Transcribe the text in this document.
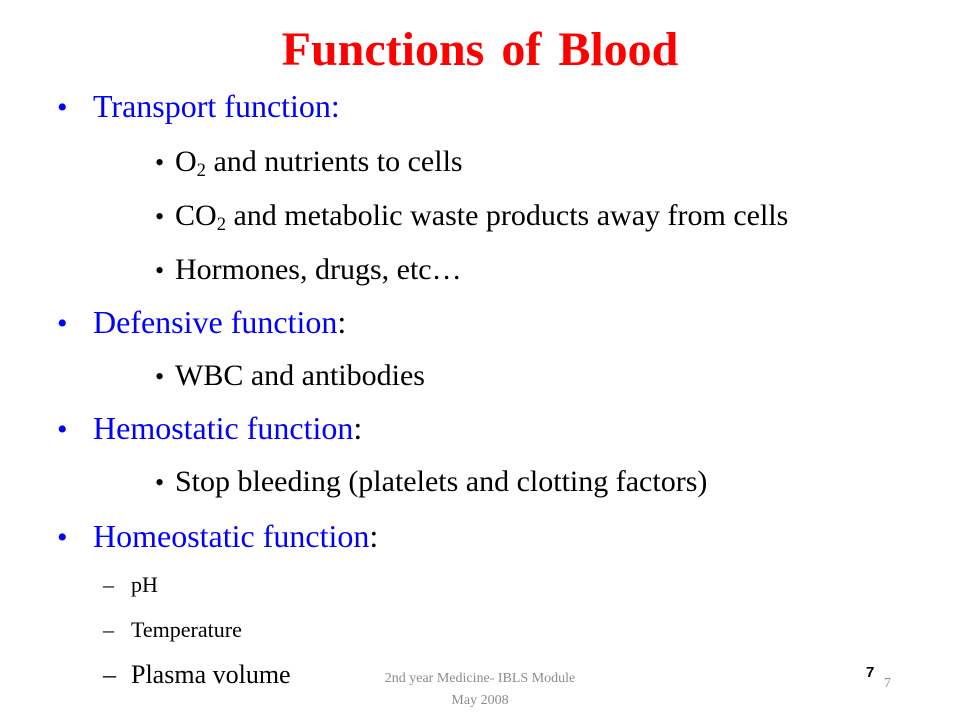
Functions of Blood
• Transport function:
• $O_2$ and nutrients to cells
• $CO_2$ and metabolic waste products away from cells
• Hormones, drugs, etc…
• Defensive function:
• WBC and antibodies
• Hemostatic function:
• Stop bleeding (platelets and clotting factors)
• Homeostatic function:
– pH
– Temperature
– Plasma volume	2nd year Medicine- IBLS Module
May 2008
7
7
